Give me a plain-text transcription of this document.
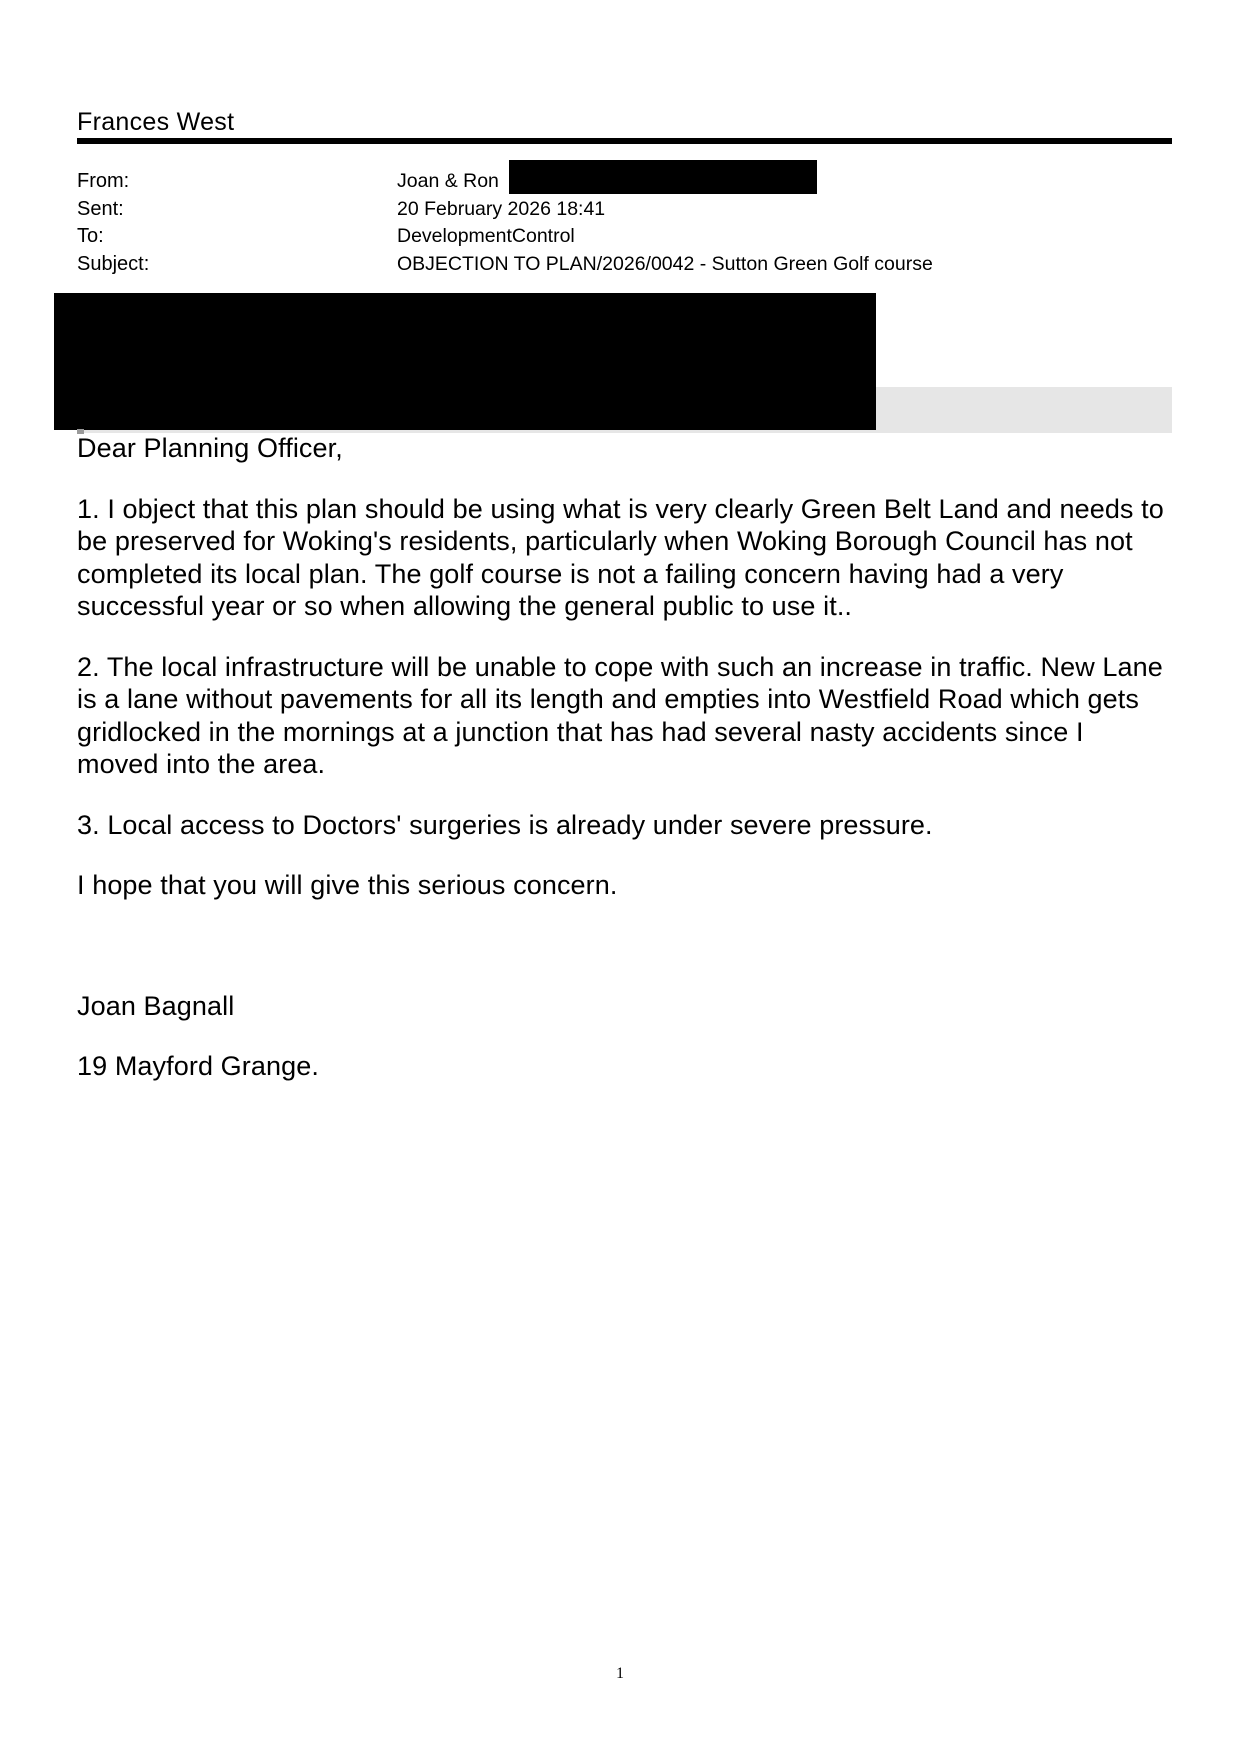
Frances West
From:	Joan & Ron
Sent:	20 February 2026 18:41
To:	DevelopmentControl
Subject:	OBJECTION TO PLAN/2026/0042 - Sutton Green Golf course

Dear Planning Officer,

1. I object that this plan should be using what is very clearly Green Belt Land and needs to be preserved for Woking's residents, particularly when Woking Borough Council has not completed its local plan. The golf course is not a failing concern having had a very successful year or so when allowing the general public to use it..

2. The local infrastructure will be unable to cope with such an increase in traffic. New Lane is a lane without pavements for all its length and empties into Westfield Road which gets gridlocked in the mornings at a junction that has had several nasty accidents since I moved into the area.

3. Local access to Doctors' surgeries is already under severe pressure.

I hope that you will give this serious concern.

Joan Bagnall

19 Mayford Grange.

1
